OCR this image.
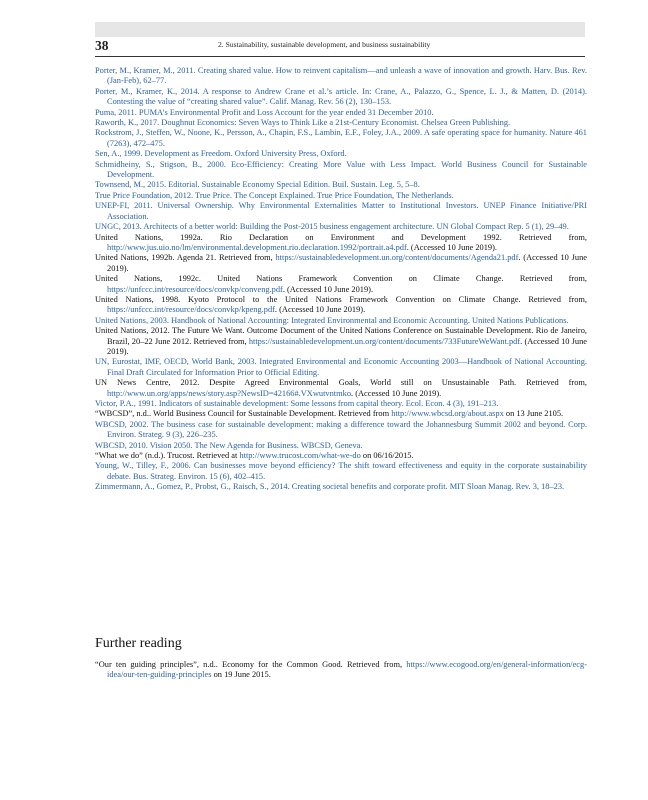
38	2. Sustainability, sustainable development, and business sustainability

Porter, M., Kramer, M., 2011. Creating shared value. How to reinvent capitalism—and unleash a wave of innovation and growth. Harv. Bus. Rev. (Jan-Feb), 62–77.

Porter, M., Kramer, K., 2014. A response to Andrew Crane et al.’s article. In: Crane, A., Palazzo, G., Spence, L. J., & Matten, D. (2014). Contesting the value of “creating shared value”. Calif. Manag. Rev. 56 (2), 130–153.

Puma, 2011. PUMA’s Environmental Profit and Loss Account for the year ended 31 December 2010.

Raworth, K., 2017. Doughnut Economics: Seven Ways to Think Like a 21st-Century Economist. Chelsea Green Publishing.

Rockstrom, J., Steffen, W., Noone, K., Persson, A., Chapin, F.S., Lambin, E.F., Foley, J.A., 2009. A safe operating space for humanity. Nature 461 (7263), 472–475.

Sen, A., 1999. Development as Freedom. Oxford University Press, Oxford.

Schmidheiny, S., Stigson, B., 2000. Eco-Efficiency: Creating More Value with Less Impact. World Business Council for Sustainable Development.

Townsend, M., 2015. Editorial. Sustainable Economy Special Edition. Buil. Sustain. Leg. 5, 5–8.

True Price Foundation, 2012. True Price. The Concept Explained. True Price Foundation, The Netherlands.

UNEP-FI, 2011. Universal Ownership. Why Environmental Externalities Matter to Institutional Investors. UNEP Finance Initiative/PRI Association.

UNGC, 2013. Architects of a better world: Building the Post-2015 business engagement architecture. UN Global Compact Rep. 5 (1), 29–49.

United Nations, 1992a. Rio Declaration on Environment and Development 1992. Retrieved from, http://www.jus.uio.no/lm/environmental.development.rio.declaration.1992/portrait.a4.pdf. (Accessed 10 June 2019).

United Nations, 1992b. Agenda 21. Retrieved from, https://sustainabledevelopment.un.org/content/documents/Agenda21.pdf. (Accessed 10 June 2019).

United Nations, 1992c. United Nations Framework Convention on Climate Change. Retrieved from, https://unfccc.int/resource/docs/convkp/conveng.pdf. (Accessed 10 June 2019).

United Nations, 1998. Kyoto Protocol to the United Nations Framework Convention on Climate Change. Retrieved from, https://unfccc.int/resource/docs/convkp/kpeng.pdf. (Accessed 10 June 2019).

United Nations, 2003. Handbook of National Accounting: Integrated Environmental and Economic Accounting. United Nations Publications.

United Nations, 2012. The Future We Want. Outcome Document of the United Nations Conference on Sustainable Development. Rio de Janeiro, Brazil, 20–22 June 2012. Retrieved from, https://sustainabledevelopment.un.org/content/documents/733FutureWeWant.pdf. (Accessed 10 June 2019).

UN, Eurostat, IMF, OECD, World Bank, 2003. Integrated Environmental and Economic Accounting 2003—Handbook of National Accounting. Final Draft Circulated for Information Prior to Official Editing.

UN News Centre, 2012. Despite Agreed Environmental Goals, World still on Unsustainable Path. Retrieved from, http://www.un.org/apps/news/story.asp?NewsID=42166#.VXwutvntmko. (Accessed 10 June 2019).

Victor, P.A., 1991. Indicators of sustainable development: Some lessons from capital theory. Ecol. Econ. 4 (3), 191–213.

“WBCSD”, n.d.. World Business Council for Sustainable Development. Retrieved from http://www.wbcsd.org/about.aspx on 13 June 2105.

WBCSD, 2002. The business case for sustainable development: making a difference toward the Johannesburg Summit 2002 and beyond. Corp. Environ. Strateg. 9 (3), 226–235.

WBCSD, 2010. Vision 2050. The New Agenda for Business. WBCSD, Geneva.

“What we do” (n.d.). Trucost. Retrieved at http://www.trucost.com/what-we-do on 06/16/2015.

Young, W., Tilley, F., 2006. Can businesses move beyond efficiency? The shift toward effectiveness and equity in the corporate sustainability debate. Bus. Strateg. Environ. 15 (6), 402–415.

Zimmermann, A., Gomez, P., Probst, G., Raisch, S., 2014. Creating societal benefits and corporate profit. MIT Sloan Manag. Rev. 3, 18–23.

Further reading

“Our ten guiding principles”, n.d.. Economy for the Common Good. Retrieved from, https://www.ecogood.org/en/general-information/ecg-idea/our-ten-guiding-principles on 19 June 2015.
